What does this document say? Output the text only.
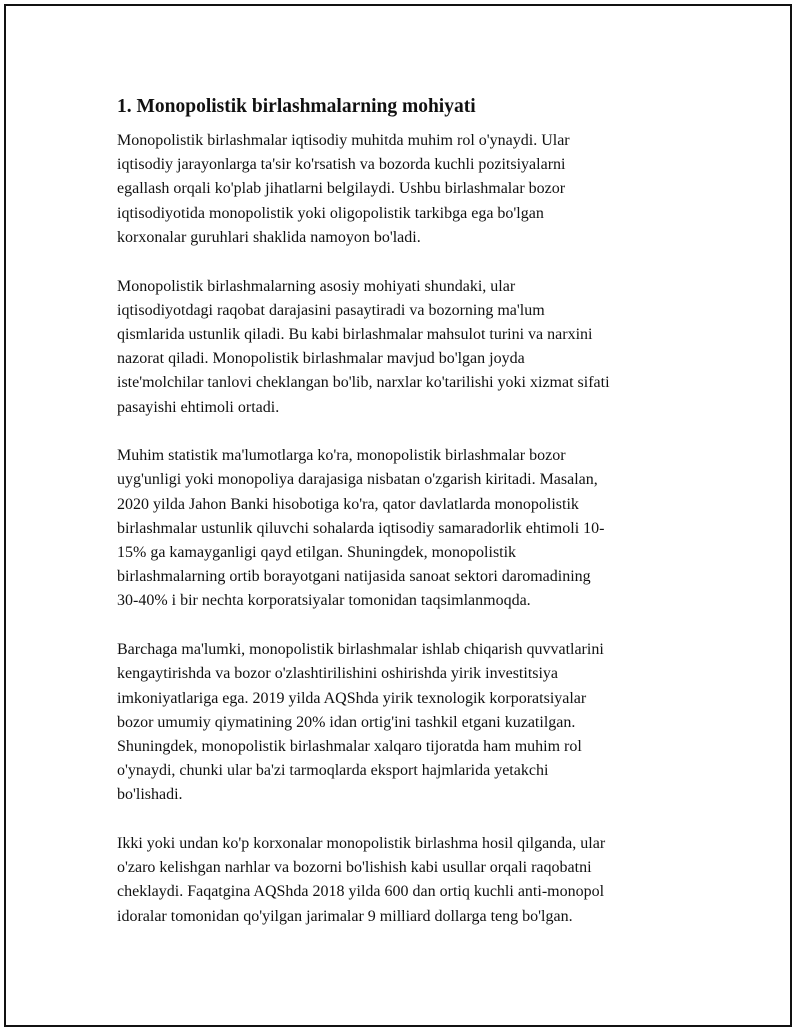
1. Monopolistik birlashmalarning mohiyati

Monopolistik birlashmalar iqtisodiy muhitda muhim rol o'ynaydi. Ular
iqtisodiy jarayonlarga ta'sir ko'rsatish va bozorda kuchli pozitsiyalarni
egallash orqali ko'plab jihatlarni belgilaydi. Ushbu birlashmalar bozor
iqtisodiyotida monopolistik yoki oligopolistik tarkibga ega bo'lgan
korxonalar guruhlari shaklida namoyon bo'ladi.

Monopolistik birlashmalarning asosiy mohiyati shundaki, ular
iqtisodiyotdagi raqobat darajasini pasaytiradi va bozorning ma'lum
qismlarida ustunlik qiladi. Bu kabi birlashmalar mahsulot turini va narxini
nazorat qiladi. Monopolistik birlashmalar mavjud bo'lgan joyda
iste'molchilar tanlovi cheklangan bo'lib, narxlar ko'tarilishi yoki xizmat sifati
pasayishi ehtimoli ortadi.

Muhim statistik ma'lumotlarga ko'ra, monopolistik birlashmalar bozor
uyg'unligi yoki monopoliya darajasiga nisbatan o'zgarish kiritadi. Masalan,
2020 yilda Jahon Banki hisobotiga ko'ra, qator davlatlarda monopolistik
birlashmalar ustunlik qiluvchi sohalarda iqtisodiy samaradorlik ehtimoli 10-
15% ga kamayganligi qayd etilgan. Shuningdek, monopolistik
birlashmalarning ortib borayotgani natijasida sanoat sektori daromadining
30-40% i bir nechta korporatsiyalar tomonidan taqsimlanmoqda.

Barchaga ma'lumki, monopolistik birlashmalar ishlab chiqarish quvvatlarini
kengaytirishda va bozor o'zlashtirilishini oshirishda yirik investitsiya
imkoniyatlariga ega. 2019 yilda AQShda yirik texnologik korporatsiyalar
bozor umumiy qiymatining 20% idan ortig'ini tashkil etgani kuzatilgan.
Shuningdek, monopolistik birlashmalar xalqaro tijoratda ham muhim rol
o'ynaydi, chunki ular ba'zi tarmoqlarda eksport hajmlarida yetakchi
bo'lishadi.

Ikki yoki undan ko'p korxonalar monopolistik birlashma hosil qilganda, ular
o'zaro kelishgan narhlar va bozorni bo'lishish kabi usullar orqali raqobatni
cheklaydi. Faqatgina AQShda 2018 yilda 600 dan ortiq kuchli anti-monopol
idoralar tomonidan qo'yilgan jarimalar 9 milliard dollarga teng bo'lgan.
